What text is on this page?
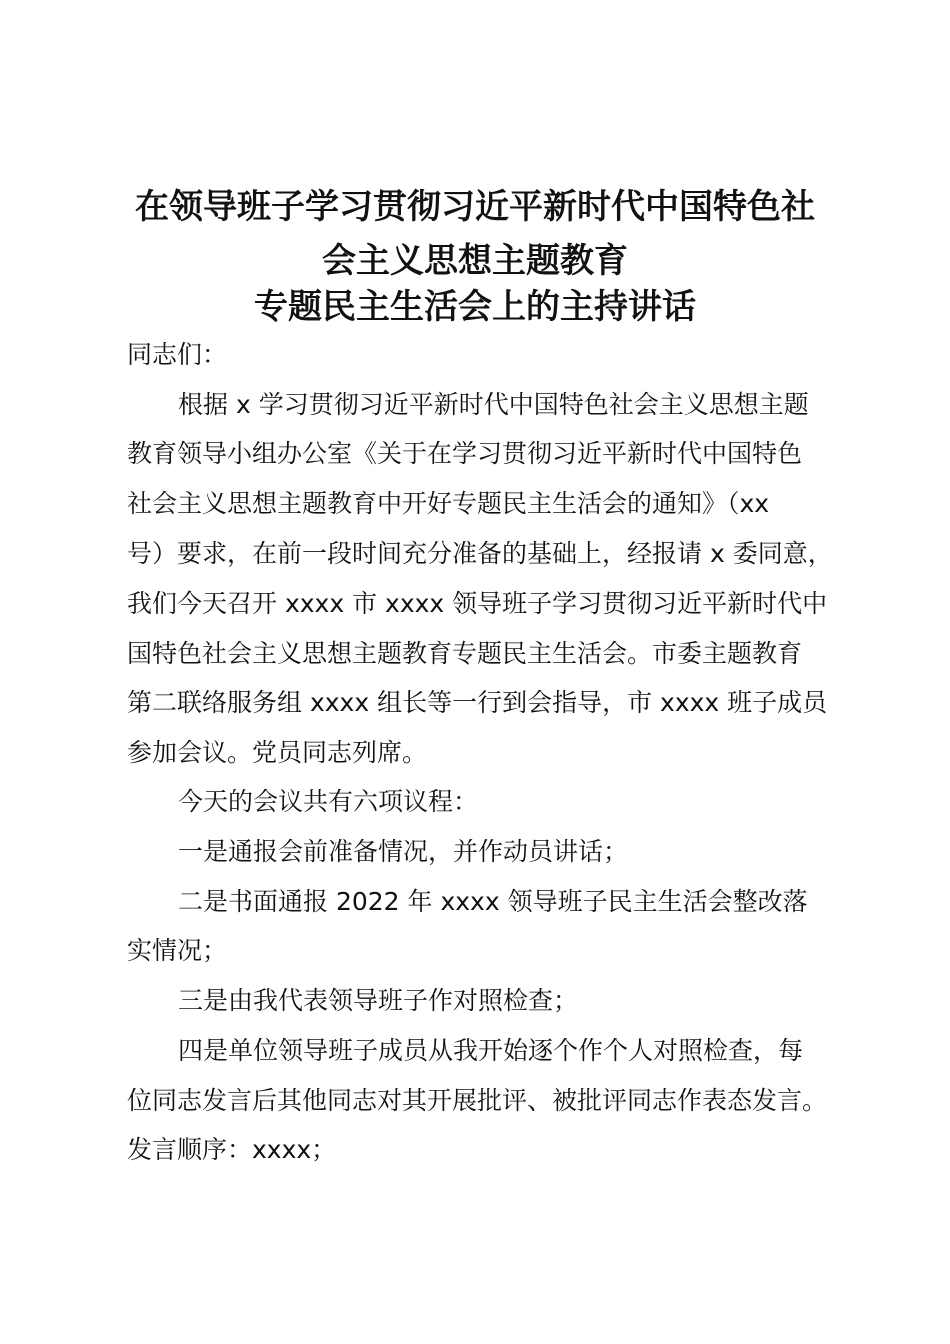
在领导班子学习贯彻习近平新时代中国特色社
会主义思想主题教育
专题民主生活会上的主持讲话
同志们：
根据 x 学习贯彻习近平新时代中国特色社会主义思想主题
教育领导小组办公室《关于在学习贯彻习近平新时代中国特色
社会主义思想主题教育中开好专题民主生活会的通知》（xx
号）要求，在前一段时间充分准备的基础上，经报请 x 委同意，
我们今天召开 xxxx 市 xxxx 领导班子学习贯彻习近平新时代中
国特色社会主义思想主题教育专题民主生活会。市委主题教育
第二联络服务组 xxxx 组长等一行到会指导，市 xxxx 班子成员
参加会议。党员同志列席。
今天的会议共有六项议程：
一是通报会前准备情况，并作动员讲话；
二是书面通报 2022 年 xxxx 领导班子民主生活会整改落
实情况；
三是由我代表领导班子作对照检查；
四是单位领导班子成员从我开始逐个作个人对照检查，每
位同志发言后其他同志对其开展批评、被批评同志作表态发言。
发言顺序：xxxx；
